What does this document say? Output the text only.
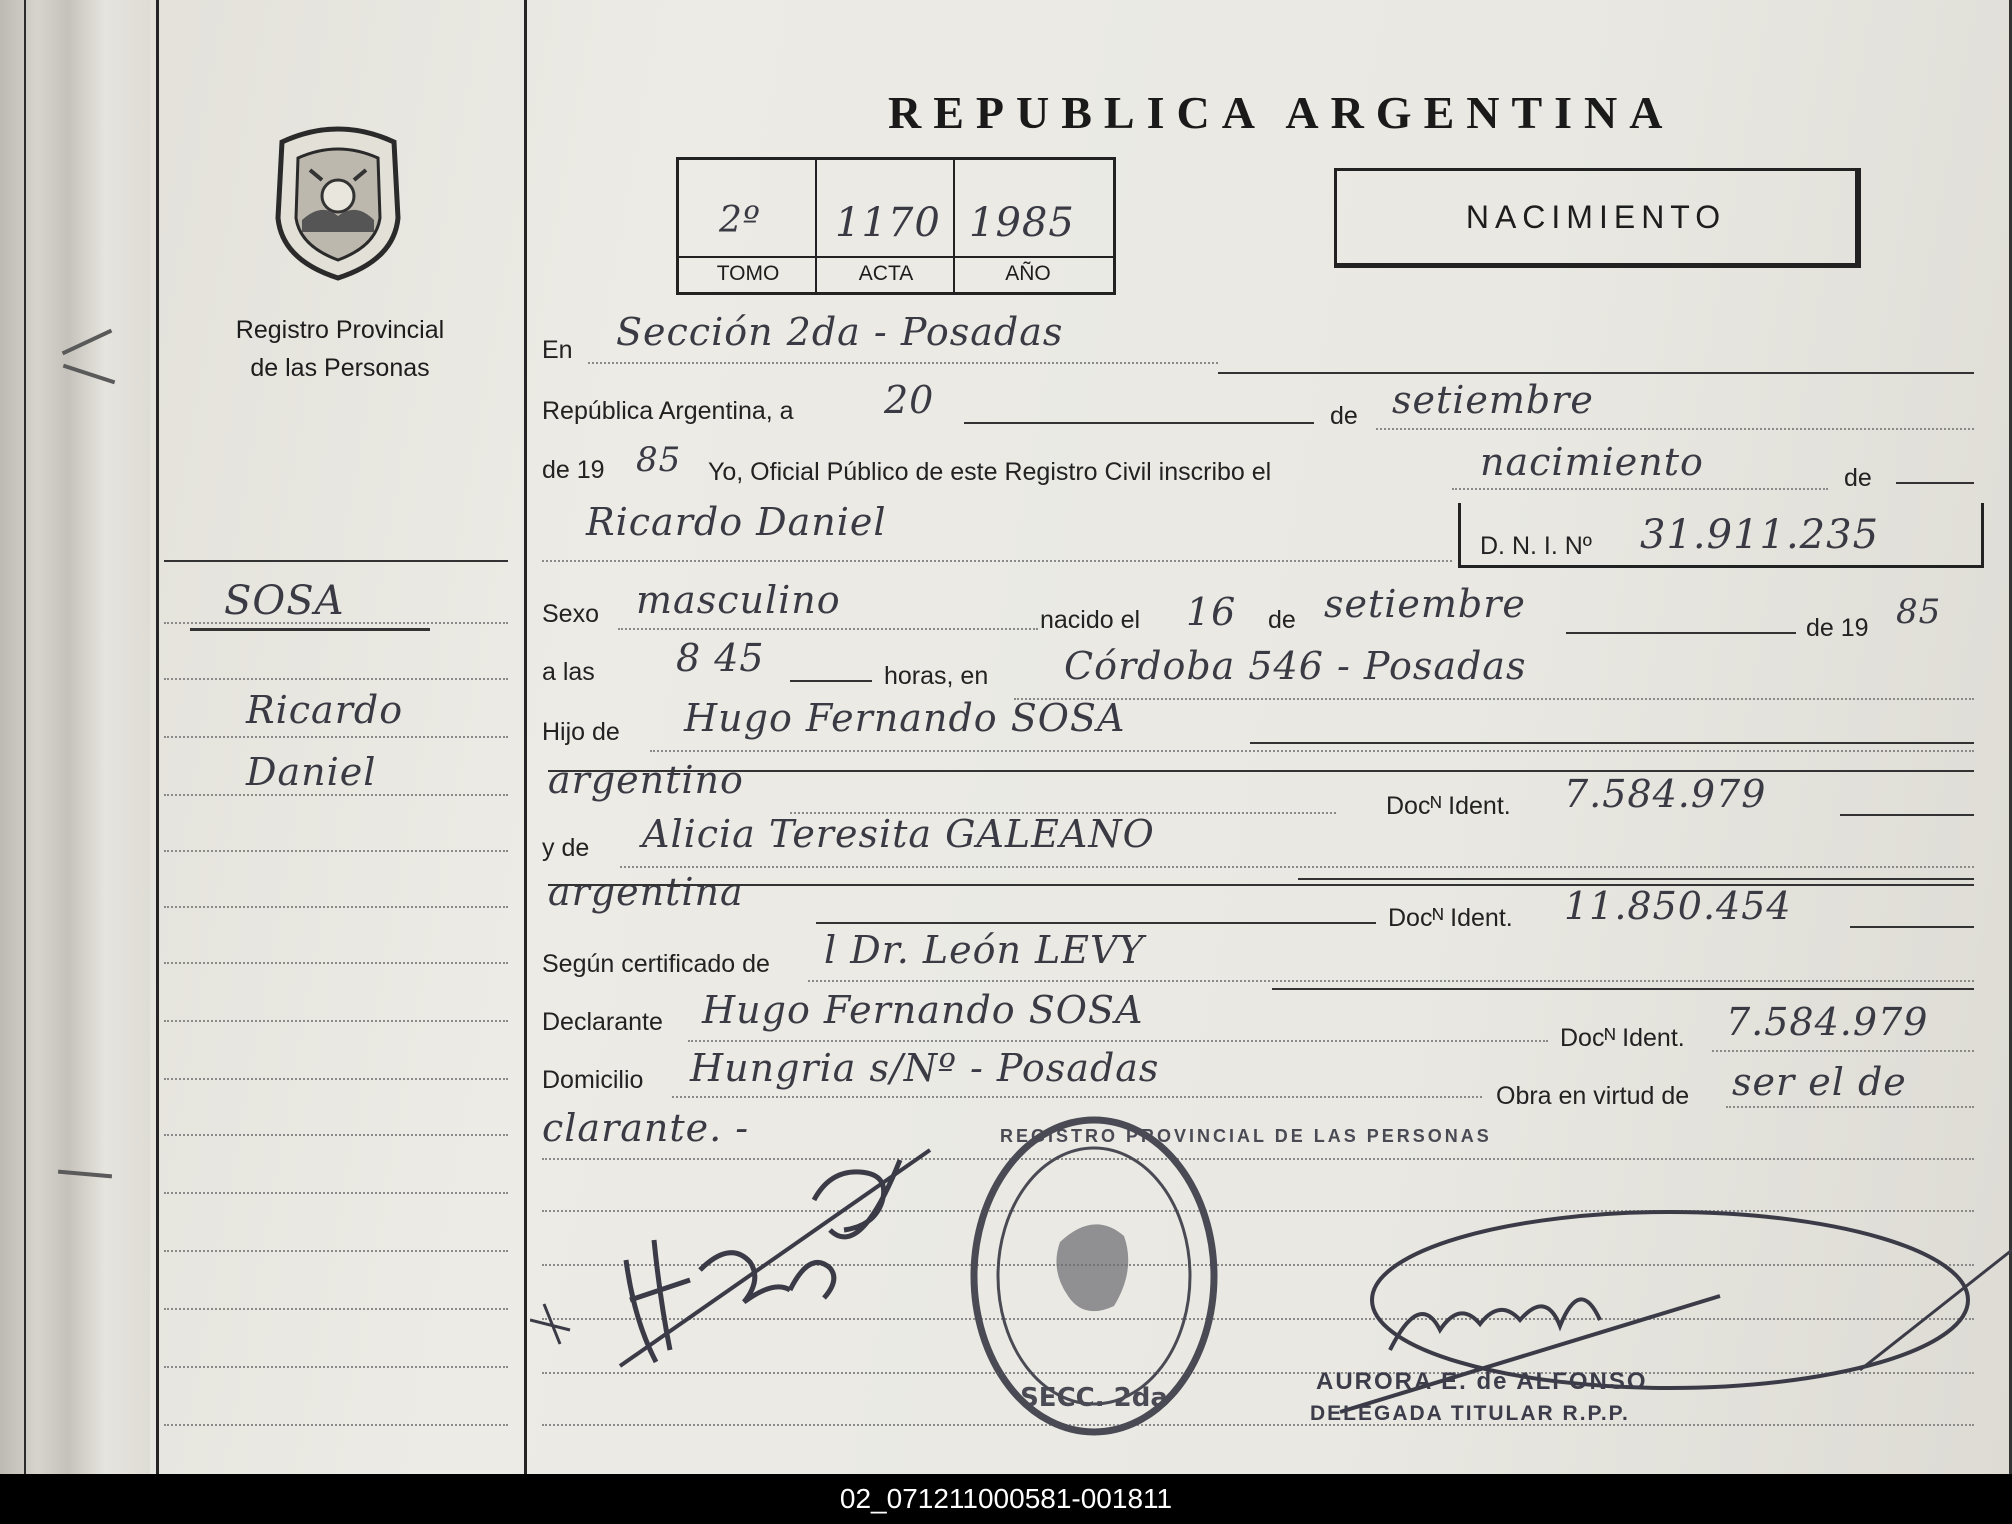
Registro Provincial
de las Personas
SOSA
Ricardo
Daniel
REPUBLICA ARGENTINA
2º 1170 1985
TOMO	ACTA	AÑO
NACIMIENTO
En Sección 2da - Posadas
República Argentina, a 20	de setiembre
de 19 85 Yo, Oficial Público de este Registro Civil inscribo el	nacimiento	de
Ricardo Daniel
D. N. I. Nº 31.911.235
Sexo masculino	nacido el 16 de setiembre
de 19 85
a las 8 45	horas, en Córdoba 546 - Posadas
Hijo de Hugo Fernando SOSA
argentino
Docᴺ Ident. 7.584.979
y de Alicia Teresita GALEANO
argentina
Docᴺ Ident. 11.850.454
Según certificado de l Dr. León LEVY
Declarante Hugo Fernando SOSA
Docᴺ Ident. 7.584.979
Domicilio Hungria s/Nº - Posadas
Obra en virtud de ser el de
clarante. -
SECC. 2da
REGISTRO PROVINCIAL DE LAS PERSONAS
AURORA E. de ALFONSO
DELEGADA TITULAR R.P.P.
02_071211000581-001811
